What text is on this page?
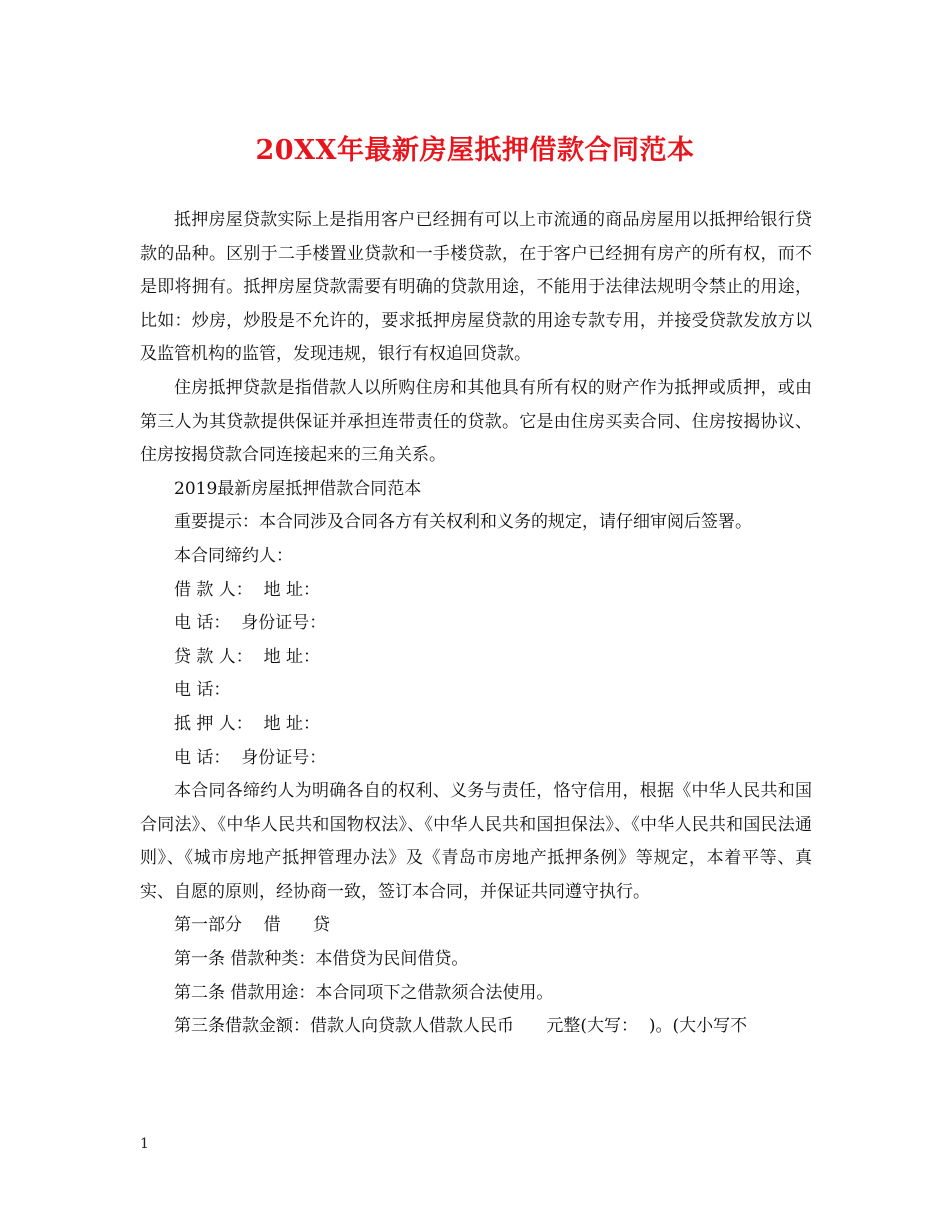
20XX年最新房屋抵押借款合同范本

抵押房屋贷款实际上是指用客户已经拥有可以上市流通的商品房屋用以抵押给银行贷款的品种。区别于二手楼置业贷款和一手楼贷款，在于客户已经拥有房产的所有权，而不是即将拥有。抵押房屋贷款需要有明确的贷款用途，不能用于法律法规明令禁止的用途，比如：炒房，炒股是不允许的，要求抵押房屋贷款的用途专款专用，并接受贷款发放方以及监管机构的监管，发现违规，银行有权追回贷款。

住房抵押贷款是指借款人以所购住房和其他具有所有权的财产作为抵押或质押，或由第三人为其贷款提供保证并承担连带责任的贷款。它是由住房买卖合同、住房按揭协议、住房按揭贷款合同连接起来的三角关系。

2019最新房屋抵押借款合同范本

重要提示：本合同涉及合同各方有关权利和义务的规定，请仔细审阅后签署。

本合同缔约人：

借 款 人：  地 址：

电 话：  身份证号：

贷 款 人：  地 址：

电 话：

抵 押 人：  地 址：

电 话：  身份证号：

本合同各缔约人为明确各自的权利、义务与责任，恪守信用，根据《中华人民共和国合同法》、《中华人民共和国物权法》、《中华人民共和国担保法》、《中华人民共和国民法通则》、《城市房地产抵押管理办法》及《青岛市房地产抵押条例》等规定，本着平等、真实、自愿的原则，经协商一致，签订本合同，并保证共同遵守执行。

第一部分    借      贷

第一条 借款种类：本借贷为民间借贷。

第二条 借款用途：本合同项下之借款须合法使用。

第三条借款金额：借款人向贷款人借款人民币      元整(大写：  )。(大小写不

1
